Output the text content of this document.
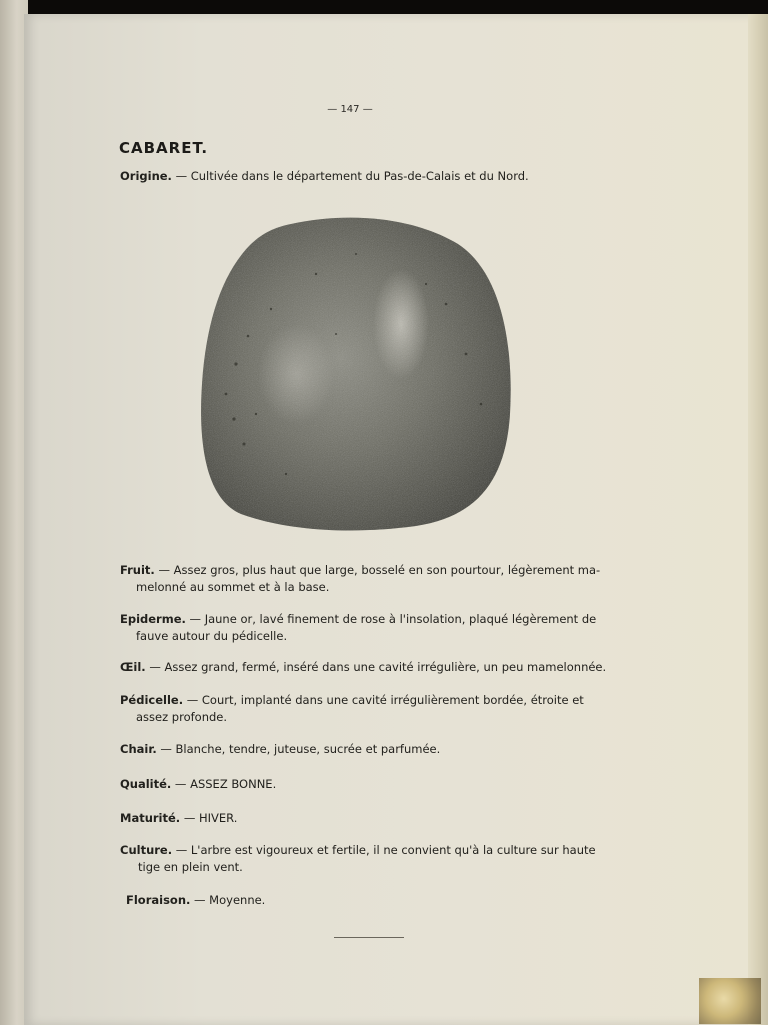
— 147 —
CABARET.
Origine. — Cultivée dans le département du Pas-de-Calais et du Nord.
Fruit. — Assez gros, plus haut que large, bosselé en son pourtour, légèrement ma-
melonné au sommet et à la base.
Epiderme. — Jaune or, lavé finement de rose à l'insolation, plaqué légèrement de
fauve autour du pédicelle.
Œil. — Assez grand, fermé, inséré dans une cavité irrégulière, un peu mamelonnée.
Pédicelle. — Court, implanté dans une cavité irrégulièrement bordée, étroite et
assez profonde.
Chair. — Blanche, tendre, juteuse, sucrée et parfumée.
Qualité. — ASSEZ BONNE.
Maturité. — HIVER.
Culture. — L'arbre est vigoureux et fertile, il ne convient qu'à la culture sur haute
tige en plein vent.
Floraison. — Moyenne.
